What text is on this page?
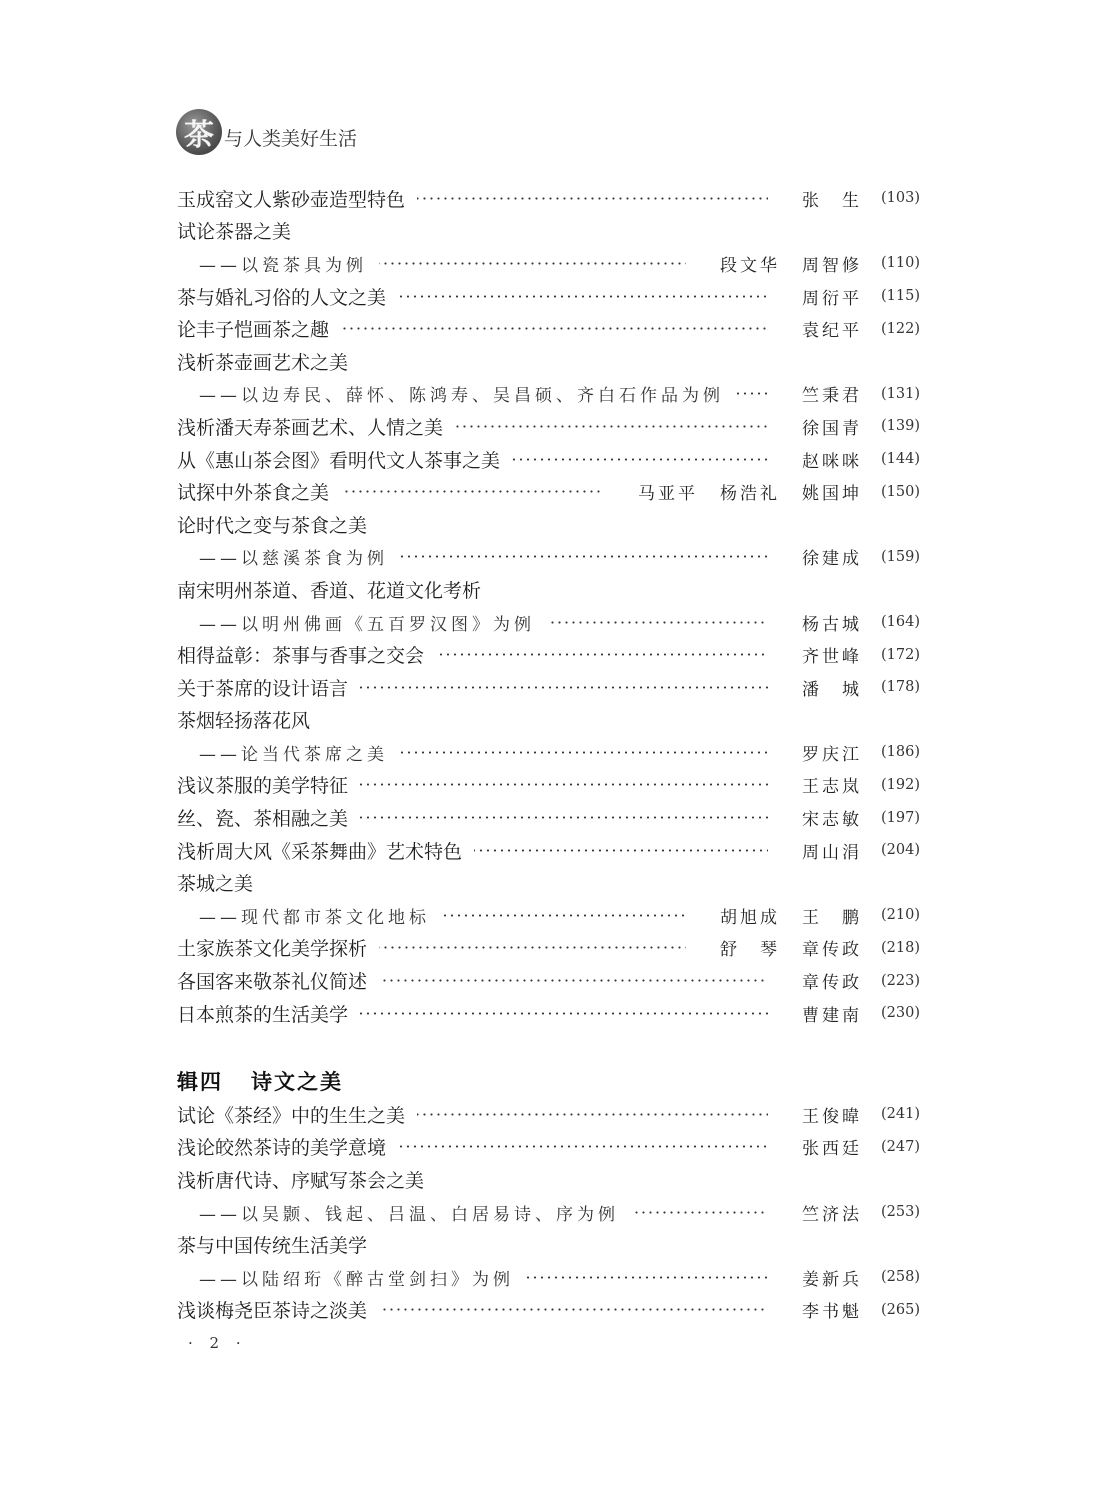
茶 与人类美好生活
玉成窑文人紫砂壶造型特色	张　生	(103)
试论茶器之美
——以瓷茶具为例	段文华 周智修	(110)
茶与婚礼习俗的人文之美	周衍平	(115)
论丰子恺画茶之趣	袁纪平	(122)
浅析茶壶画艺术之美
——以边寿民、薛怀、陈鸿寿、吴昌硕、齐白石作品为例	竺秉君	(131)
浅析潘天寿茶画艺术、人情之美	徐国青	(139)
从《惠山茶会图》看明代文人茶事之美	赵咪咪	(144)
试探中外茶食之美	马亚平 杨浩礼 姚国坤	(150)
论时代之变与茶食之美
——以慈溪茶食为例	徐建成	(159)
南宋明州茶道、香道、花道文化考析
——以明州佛画《五百罗汉图》为例	杨古城	(164)
相得益彰：茶事与香事之交会	齐世峰	(172)
关于茶席的设计语言	潘　城	(178)
茶烟轻扬落花风
——论当代茶席之美	罗庆江	(186)
浅议茶服的美学特征	王志岚	(192)
丝、瓷、茶相融之美	宋志敏	(197)
浅析周大风《采茶舞曲》艺术特色	周山涓	(204)
茶城之美
——现代都市茶文化地标	胡旭成 王　鹏	(210)
土家族茶文化美学探析	舒　琴 章传政	(218)
各国客来敬茶礼仪简述	章传政	(223)
日本煎茶的生活美学	曹建南	(230)
辑四 诗文之美
试论《茶经》中的生生之美	王俊暐	(241)
浅论皎然茶诗的美学意境	张西廷	(247)
浅析唐代诗、序赋写茶会之美
——以吴颢、钱起、吕温、白居易诗、序为例	竺济法	(253)
茶与中国传统生活美学
——以陆绍珩《醉古堂剑扫》为例	姜新兵	(258)
浅谈梅尧臣茶诗之淡美	李书魁	(265)
· 2 ·
